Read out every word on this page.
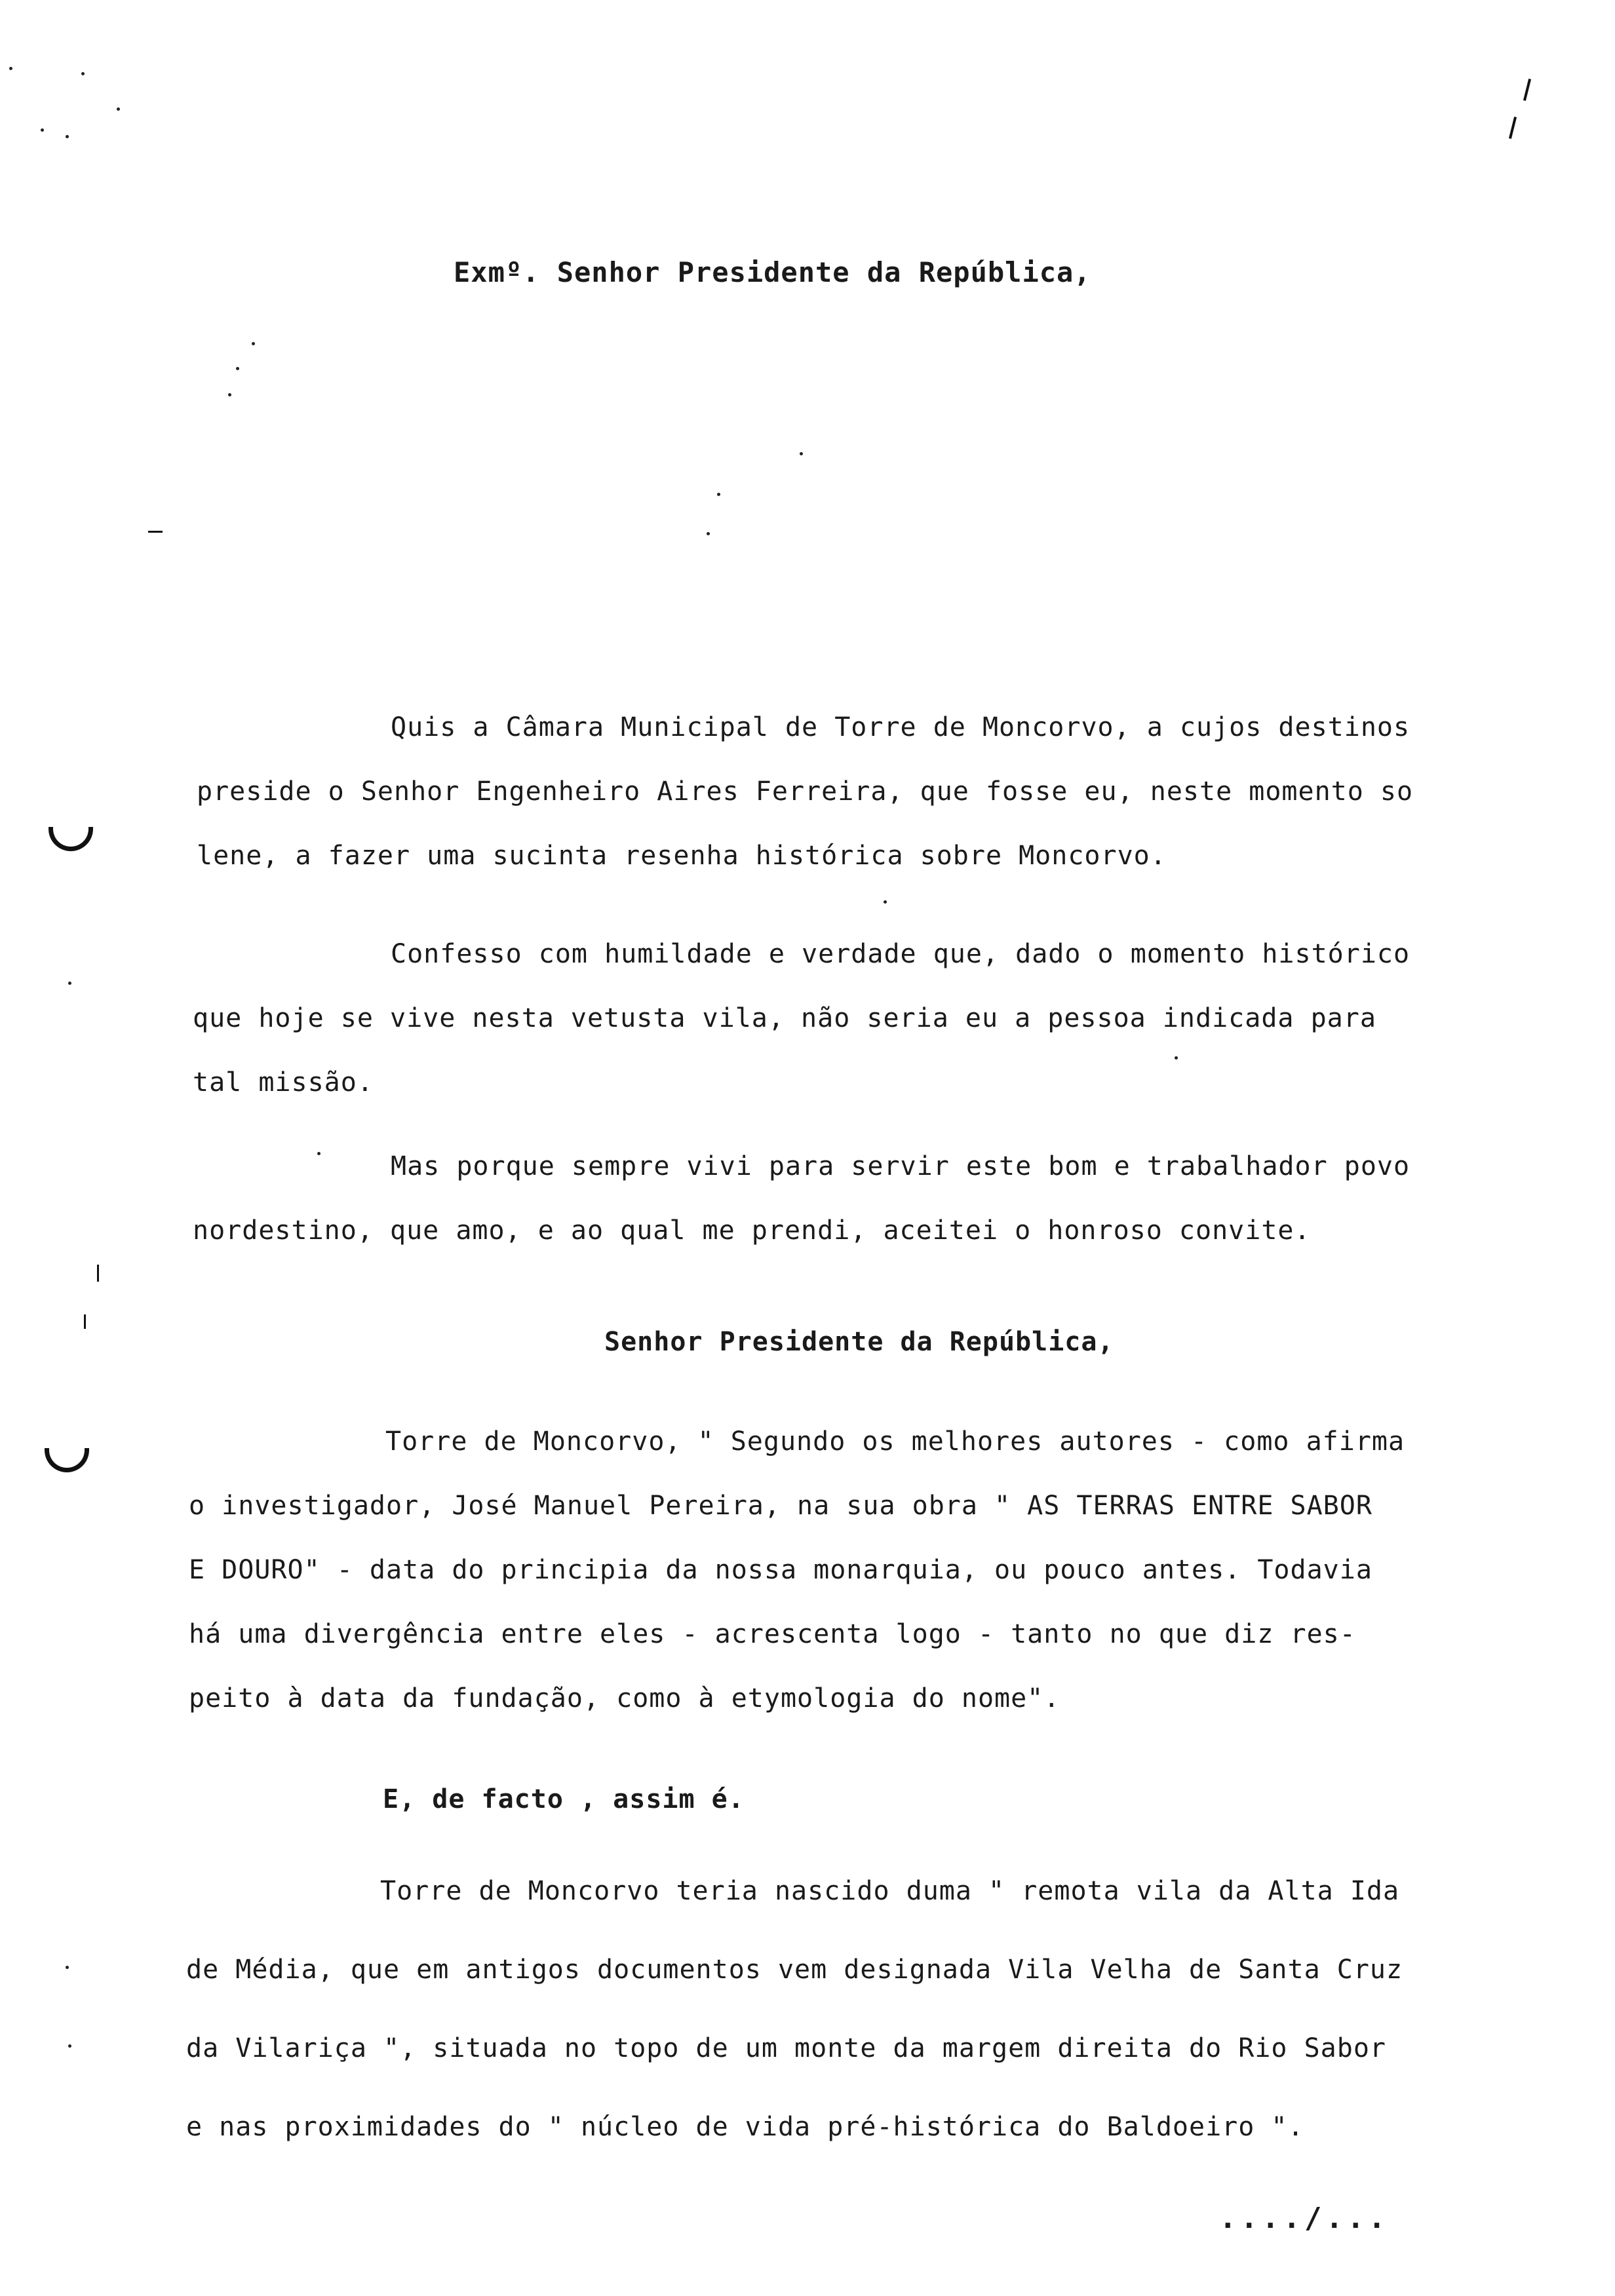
Exmº. Senhor Presidente da República,
Quis a Câmara Municipal de Torre de Moncorvo, a cujos destinos
preside o Senhor Engenheiro Aires Ferreira, que fosse eu, neste momento so
lene, a fazer uma sucinta resenha histórica sobre Moncorvo.
Confesso com humildade e verdade que, dado o momento histórico
que hoje se vive nesta vetusta vila, não seria eu a pessoa indicada para
tal missão.
Mas porque sempre vivi para servir este bom e trabalhador povo
nordestino, que amo, e ao qual me prendi, aceitei o honroso convite.
Senhor Presidente da República,
Torre de Moncorvo, " Segundo os melhores autores - como afirma
o investigador, José Manuel Pereira, na sua obra " AS TERRAS ENTRE SABOR
E DOURO" - data do principia da nossa monarquia, ou pouco antes. Todavia
há uma divergência entre eles - acrescenta logo - tanto no que diz res-
peito à data da fundação, como à etymologia do nome".
E, de facto , assim é.
Torre de Moncorvo teria nascido duma " remota vila da Alta Ida
de Média, que em antigos documentos vem designada Vila Velha de Santa Cruz
da Vilariça ", situada no topo de um monte da margem direita do Rio Sabor
e nas proximidades do " núcleo de vida pré-histórica do Baldoeiro ".
..../...
